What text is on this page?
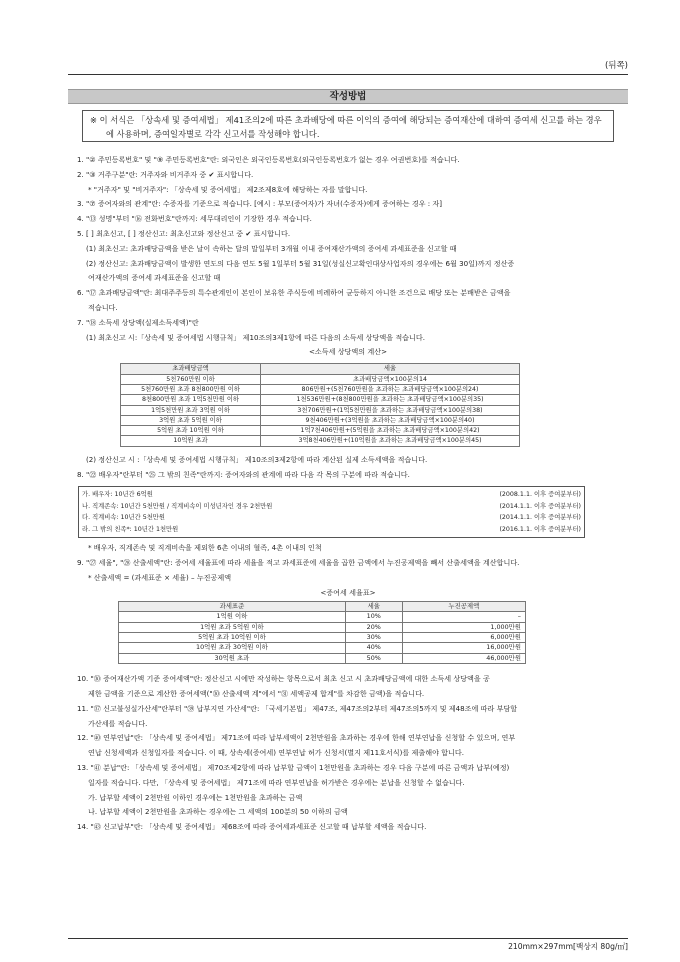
(뒤쪽)
작성방법
※ 이 서식은 「상속세 및 증여세법」 제41조의2에 따른 초과배당에 따른 이익의 증여에 해당되는 증여재산에 대하여 증여세 신고를 하는 경우에 사용하며, 증여일자별로 각각 신고서를 작성해야 합니다.
1. "② 주민등록번호" 및 "⑨ 주민등록번호"란: 외국인은 외국인등록번호(외국인등록번호가 없는 경우 여권번호)를 적습니다.
2. "③ 거주구분"란: 거주자와 비거주자 중 ✔ 표시합니다.
* "거주자" 및 "비거주자": 「상속세 및 증여세법」 제2조제8호에 해당하는 자를 말합니다.
3. "⑦ 증여자와의 관계"란: 수증자를 기준으로 적습니다. [예시 : 부모(증여자)가 자녀(수증자)에게 증여하는 경우 : 자]
4. "⑬ 성명"부터 "⑯ 전화번호"란까지: 세무대리인이 기장한 경우 적습니다.
5. [ ] 최초신고, [ ] 정산신고: 최초신고와 정산신고 중 ✔ 표시합니다.
(1) 최초신고: 초과배당금액을 받은 날이 속하는 달의 말일부터 3개월 이내 증여재산가액의 증여세 과세표준을 신고할 때
(2) 정산신고: 초과배당금액이 발생한 연도의 다음 연도 5월 1일부터 5월 31일(성실신고확인대상사업자의 경우에는 6월 30일)까지 정산증
여재산가액의 증여세 과세표준을 신고할 때
6. "⑰ 초과배당금액"란: 최대주주등의 특수관계인이 본인이 보유한 주식등에 비례하여 균등하지 아니한 조건으로 배당 또는 분배받은 금액을
적습니다.
7. "⑱ 소득세 상당액(실제소득세액)"란
(1) 최초신고 시:「상속세 및 증여세법 시행규칙」 제10조의3제1항에 따른 다음의 소득세 상당액을 적습니다.
<소득세 상당액의 계산>
초과배당금액	세율
5천760만원 이하	초과배당금액×100분의14
5천760만원 초과 8천800만원 이하	806만원+(5천760만원을 초과하는 초과배당금액×100분의24)
8천800만원 초과 1억5천만원 이하	1천536만원+(8천800만원을 초과하는 초과배당금액×100분의35)
1억5천만원 초과 3억원 이하	3천706만원+(1억5천만원을 초과하는 초과배당금액×100분의38)
3억원 초과 5억원 이하	9천406만원+(3억원을 초과하는 초과배당금액×100분의40)
5억원 초과 10억원 이하	1억7천406만원+(5억원을 초과하는 초과배당금액×100분의42)
10억원 초과	3억8천406만원+(10억원을 초과하는 초과배당금액×100분의45)
(2) 정산신고 시 :「상속세 및 증여세법 시행규칙」 제10조의3제2항에 따라 계산된 실제 소득세액을 적습니다.
8. "㉒ 배우자"란부터 "㉕ 그 밖의 친족"란까지: 증여자와의 관계에 따라 다음 각 목의 구분에 따라 적습니다.
가. 배우자: 10년간 6억원	(2008.1.1. 이후 증여분부터)
나. 직계존속: 10년간 5천만원 / 직계비속이 미성년자인 경우 2천만원	(2014.1.1. 이후 증여분부터)
다. 직계비속: 10년간 5천만원	(2014.1.1. 이후 증여분부터)
라. 그 밖의 친족*: 10년간 1천만원	(2016.1.1. 이후 증여분부터)
* 배우자, 직계존속 및 직계비속을 제외한 6촌 이내의 혈족, 4촌 이내의 인척
9. "㉗ 세율", "㉘ 산출세액"란: 증여세 세율표에 따라 세율을 적고 과세표준에 세율을 곱한 금액에서 누진공제액을 빼서 산출세액을 계산합니다.
* 산출세액 = (과세표준 × 세율) – 누진공제액
<증여세 세율표>
과세표준	세율	누진공제액
1억원 이하	10%	–
1억원 초과 5억원 이하	20%	1,000만원
5억원 초과 10억원 이하	30%	6,000만원
10억원 초과 30억원 이하	40%	16,000만원
30억원 초과	50%	46,000만원
10. "㉚ 증여재산가액 기준 증여세액"란: 정산신고 시에만 작성하는 항목으로서 최초 신고 시 초과배당금액에 대한 소득세 상당액을 공
제한 금액을 기준으로 계산한 증여세액("㉚ 산출세액 계"에서 "㉛ 세액공제 합계"를 차감한 금액)을 적습니다.
11. "㊲ 신고불성실가산세"란부터 "㊴ 납부지연 가산세"란: 「국세기본법」 제47조, 제47조의2부터 제47조의5까지 및 제48조에 따라 부담할
가산세를 적습니다.
12. "㊵ 연부연납"란: 「상속세 및 증여세법」 제71조에 따라 납부세액이 2천만원을 초과하는 경우에 한해 연부연납을 신청할 수 있으며, 연부
연납 신청세액과 신청일자를 적습니다. 이 때, 상속세(증여세) 연부연납 허가 신청서(별지 제11호서식)를 제출해야 합니다.
13. "㊶ 분납"란: 「상속세 및 증여세법」 제70조제2항에 따라 납부할 금액이 1천만원을 초과하는 경우 다음 구분에 따른 금액과 납부(예정)
일자를 적습니다. 다만, 「상속세 및 증여세법」 제71조에 따라 연부연납을 허가받은 경우에는 분납을 신청할 수 없습니다.
가. 납부할 세액이 2천만원 이하인 경우에는 1천만원을 초과하는 금액
나. 납부할 세액이 2천만원을 초과하는 경우에는 그 세액의 100분의 50 이하의 금액
14. "㊸ 신고납부"란: 「상속세 및 증여세법」 제68조에 따라 증여세과세표준 신고할 때 납부할 세액을 적습니다.
210mm×297mm[백상지 80g/㎡]
